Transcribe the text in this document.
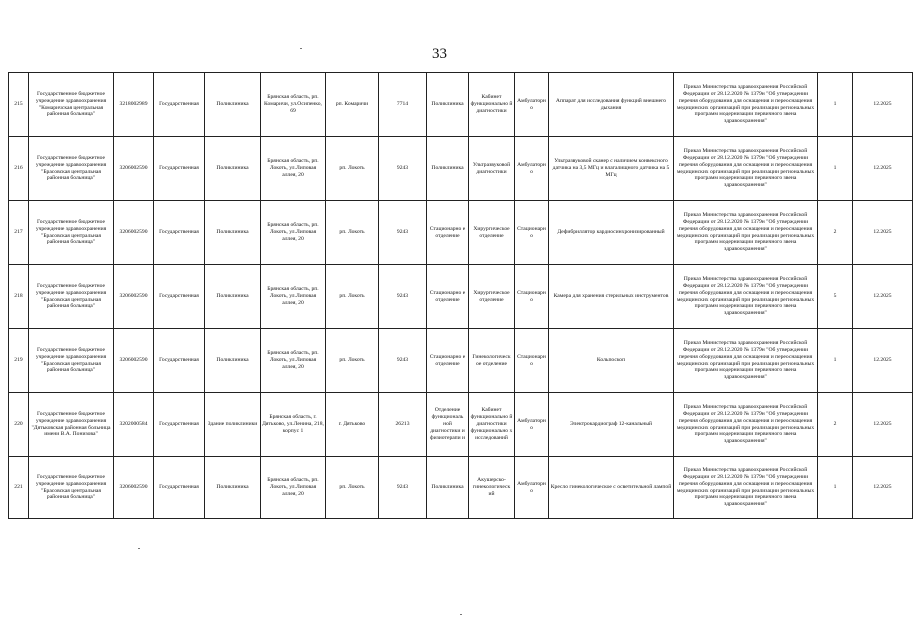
33
215	Государственное бюджетное учреждение здравоохранения "Комаричская центральная районная больница"	3218002989	Государственная	Поликлиника	Брянская область, рп. Комаричи, ул.Осипенко, 69	рп. Комаричи	7714	Поликлиника	Кабинет функционально й диагностики	Амбулаторно	Аппарат для исследования функций внешнего дыхания	Приказ Министерства здравоохранения Российской Федерации от 28.12.2020 № 1379н "Об утверждении перечня оборудования для оснащения и переоснащения медицинских организаций при реализации региональных программ модернизации первичного звена здравоохранения"	1	12.2025
216	Государственное бюджетное учреждение здравоохранения "Брасовская центральная районная больница"	3206002590	Государственная	Поликлиника	Брянская область, рп. Локоть, ул.Липовая аллея, 20	рп. Локоть	9243	Поликлиника	Ультразвуковой диагностики	Амбулаторно	Ультразвуковой сканер с наличием конвексного датчика на 3,5 МГц и влагалищного датчика на 5 МГц	Приказ Министерства здравоохранения Российской Федерации от 28.12.2020 № 1379н "Об утверждении перечня оборудования для оснащения и переоснащения медицинских организаций при реализации региональных программ модернизации первичного звена здравоохранения"	1	12.2025
217	Государственное бюджетное учреждение здравоохранения "Брасовская центральная районная больница"	3206002590	Государственная	Поликлиника	Брянская область, рп. Локоть, ул.Липовая аллея, 20	рп. Локоть	9243	Стационарно е отделение	Хирургическое отделение	Стационарно	Дефибриллятор кардиосинхронизированный	Приказ Министерства здравоохранения Российской Федерации от 28.12.2020 № 1379н "Об утверждении перечня оборудования для оснащения и переоснащения медицинских организаций при реализации региональных программ модернизации первичного звена здравоохранения"	2	12.2025
218	Государственное бюджетное учреждение здравоохранения "Брасовская центральная районная больница"	3206002590	Государственная	Поликлиника	Брянская область, рп. Локоть, ул.Липовая аллея, 20	рп. Локоть	9243	Стационарно е отделение	Хирургическое отделение	Стационарно	Камера для хранения стерильных инструментов	Приказ Министерства здравоохранения Российской Федерации от 28.12.2020 № 1379н "Об утверждении перечня оборудования для оснащения и переоснащения медицинских организаций при реализации региональных программ модернизации первичного звена здравоохранения"	5	12.2025
219	Государственное бюджетное учреждение здравоохранения "Брасовская центральная районная больница"	3206002590	Государственная	Поликлиника	Брянская область, рп. Локоть, ул.Липовая аллея, 20	рп. Локоть	9243	Стационарно е отделение	Гинекологическ ое отделение	Стационарно	Кольпоскоп	Приказ Министерства здравоохранения Российской Федерации от 28.12.2020 № 1379н "Об утверждении перечня оборудования для оснащения и переоснащения медицинских организаций при реализации региональных программ модернизации первичного звена здравоохранения"	1	12.2025
220	Государственное бюджетное учреждение здравоохранения "Дятьковская районная больница имени В.А. Понизова"	3202000584	Государственная	Здание поликлиники	Брянская область, г. Дятьково, ул.Ленина, 218, корпус 1	г. Дятьково	26213	Отделение функциональ ной диагностики и физиотерапи и	Кабинет функционально й диагностики функционально х исследований	Амбулаторно	Электрокардиограф 12-канальный	Приказ Министерства здравоохранения Российской Федерации от 28.12.2020 № 1379н "Об утверждении перечня оборудования для оснащения и переоснащения медицинских организаций при реализации региональных программ модернизации первичного звена здравоохранения"	2	12.2025
221	Государственное бюджетное учреждение здравоохранения "Брасовская центральная районная больница"	3206002590	Государственная	Поликлиника	Брянская область, рп. Локоть, ул.Липовая аллея, 20	рп. Локоть	9243	Поликлиника	Акушерско-гинекологическ ий	Амбулаторно	Кресло гинекологическое с осветительной лампой	Приказ Министерства здравоохранения Российской Федерации от 28.12.2020 № 1379н "Об утверждении перечня оборудования для оснащения и переоснащения медицинских организаций при реализации региональных программ модернизации первичного звена здравоохранения"	1	12.2025
